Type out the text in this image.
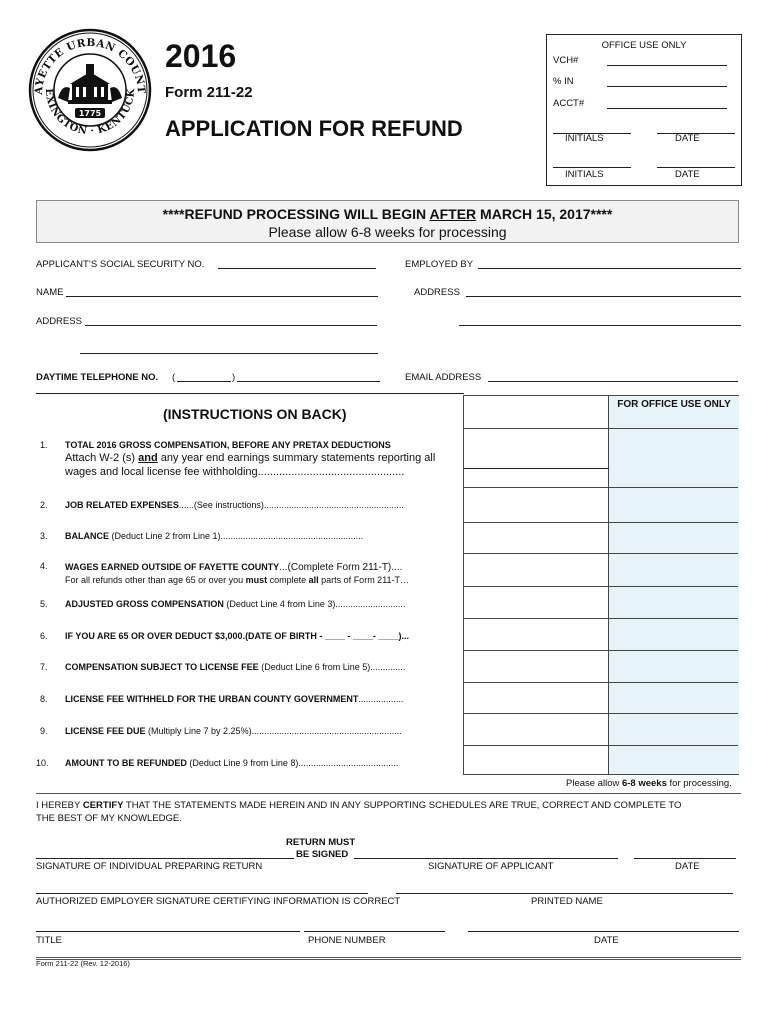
AYETTE URBAN COUNT
EXINGTON · KENTUCK
1775
2016
Form 211-22
APPLICATION FOR REFUND
OFFICE USE ONLY
VCH#
% IN
ACCT#
INITIALS	DATE
INITIALS	DATE
****REFUND PROCESSING WILL BEGIN AFTER MARCH 15, 2017****
Please allow 6-8 weeks for processing
APPLICANT’S SOCIAL SECURITY NO.	EMPLOYED BY
NAME	ADDRESS
ADDRESS
DAYTIME TELEPHONE NO. (	)	EMAIL ADDRESS
(INSTRUCTIONS ON BACK)
FOR OFFICE USE ONLY
1. TOTAL 2016 GROSS COMPENSATION, BEFORE ANY PRETAX DEDUCTIONS
Attach W-2 (s) and any year end earnings summary statements reporting all
wages and local license fee withholding................................................
2. JOB RELATED EXPENSES......(See instructions)........................................................
3. BALANCE (Deduct Line 2 from Line 1).........................................................
4. WAGES EARNED OUTSIDE OF FAYETTE COUNTY...(Complete Form 211-T)....
For all refunds other than age 65 or over you must complete all parts of Form 211-T…
5. ADJUSTED GROSS COMPENSATION (Deduct Line 4 from Line 3)............................
6. IF YOU ARE 65 OR OVER DEDUCT $3,000.(DATE OF BIRTH - ____ - ____- ____)...
7. COMPENSATION SUBJECT TO LICENSE FEE (Deduct Line 6 from Line 5)..............
8. LICENSE FEE WITHHELD FOR THE URBAN COUNTY GOVERNMENT..................
9. LICENSE FEE DUE (Multiply Line 7 by 2.25%)............................................................
10. AMOUNT TO BE REFUNDED (Deduct Line 9 from Line 8)........................................
Please allow 6-8 weeks for processing.
I HEREBY CERTIFY THAT THE STATEMENTS MADE HEREIN AND IN ANY SUPPORTING SCHEDULES ARE TRUE, CORRECT AND COMPLETE TO
THE BEST OF MY KNOWLEDGE.
RETURN MUST
BE SIGNED
SIGNATURE OF INDIVIDUAL PREPARING RETURN	SIGNATURE OF APPLICANT	DATE
AUTHORIZED EMPLOYER SIGNATURE CERTIFYING INFORMATION IS CORRECT	PRINTED NAME
TITLE	PHONE NUMBER	DATE
Form 211-22 (Rev. 12-2016)
